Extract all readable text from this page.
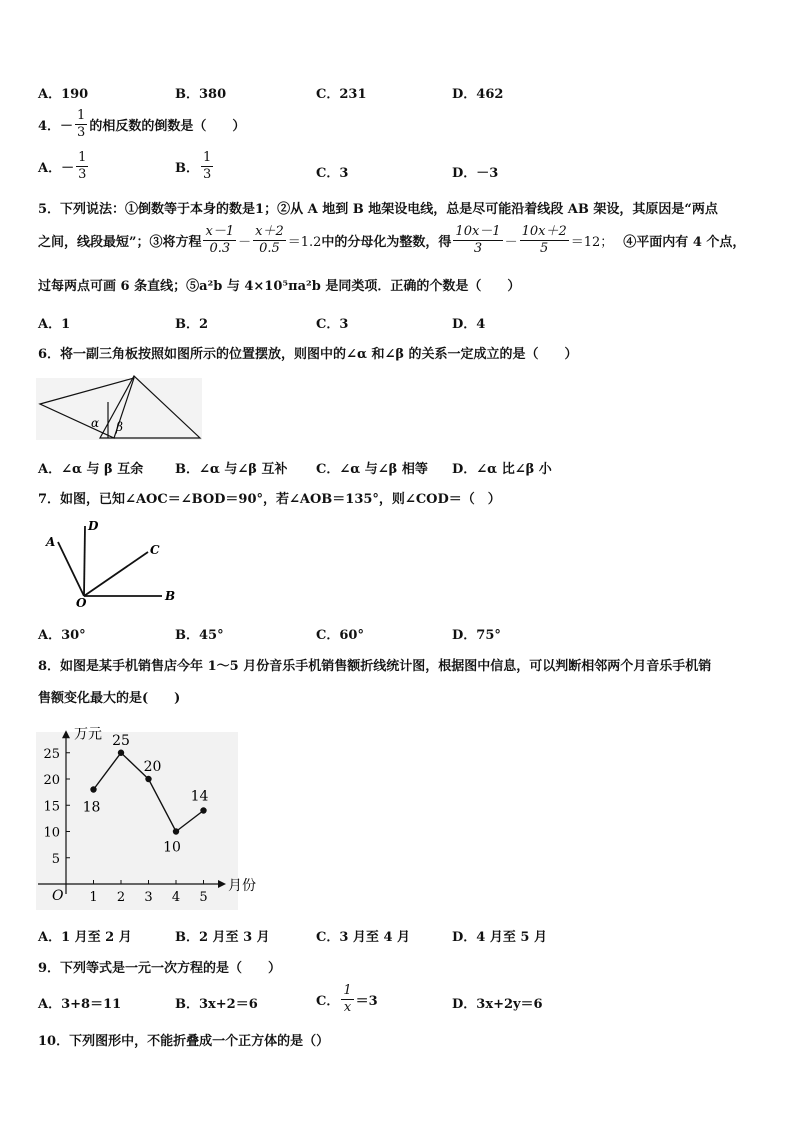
A．190	B．380	C．231	D．462
4．－ $\frac{1}{3}$ 的相反数的倒数是（　　）
A．－ $\frac{1}{3}$	B． $\frac{1}{3}$	C．3	D．－3
5．下列说法：①倒数等于本身的数是1；②从 A 地到 B 地架设电线，总是尽可能沿着线段 AB 架设，其原因是“两点
之间，线段最短”；③将方程 $\frac{x-1}{0.3} - \frac{x+2}{0.5} =1.2$ 中的分母化为整数，得 $\frac{10x-1}{3} - \frac{10x+2}{5} =12$； ④平面内有 4 个点，
过每两点可画 6 条直线；⑤a²b 与 4×10⁵πa²b 是同类项．正确的个数是（　　）
A．1	B．2	C．3	D．4
6．将一副三角板按照如图所示的位置摆放，则图中的∠α 和∠β 的关系一定成立的是（　　）
α β
A．∠α 与 β 互余 B．∠α 与∠β 互补 C．∠α 与∠β 相等 D．∠α 比∠β 小
7．如图，已知∠AOC＝∠BOD＝90°，若∠AOB＝135°，则∠COD＝（　）
A
D
C
O	B
A．30°	B．45°	C．60°	D．75°
8．如图是某手机销售店今年 1～5 月份音乐手机销售额折线统计图，根据图中信息，可以判断相邻两个月音乐手机销
售额变化最大的是(　　)
万元
月份
O
5
10
15
20
25
1 2 3 4 5
18
25
20
10
14
A．1 月至 2 月	B．2 月至 3 月	C．3 月至 4 月	D．4 月至 5 月
9．下列等式是一元一次方程的是（　　）
A．3+8＝11	B．3x+2＝6	C． $\frac{1}{x} =3$	D．3x+2y＝6
10．下列图形中，不能折叠成一个正方体的是（）
